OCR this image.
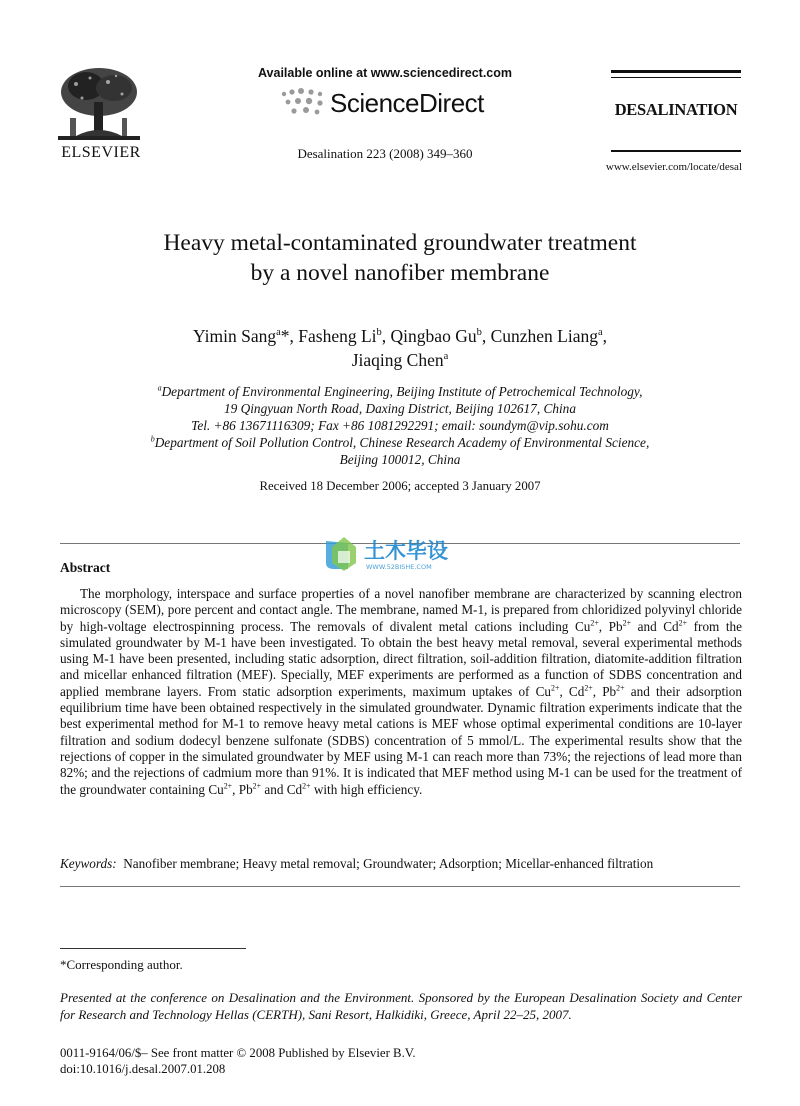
ELSEVIER
Available online at www.sciencedirect.com
ScienceDirect
Desalination 223 (2008) 349–360
DESALINATION
www.elsevier.com/locate/desal
Heavy metal-contaminated groundwater treatment
by a novel nanofiber membrane
Yimin Sang$^a$*, Fasheng Li$^b$, Qingbao Gu$^b$, Cunzhen Liang$^a$,
Jiaqing Chen$^a$
$^a$Department of Environmental Engineering, Beijing Institute of Petrochemical Technology,
19 Qingyuan North Road, Daxing District, Beijing 102617, China
Tel. +86 13671116309; Fax +86 1081292291; email: soundym@vip.sohu.com
$^b$Department of Soil Pollution Control, Chinese Research Academy of Environmental Science,
Beijing 100012, China
Received 18 December 2006; accepted 3 January 2007
土木毕设
WWW.52BISHE.COM
Abstract
The morphology, interspace and surface properties of a novel nanofiber membrane are characterized by scanning electron microscopy (SEM), pore percent and contact angle. The membrane, named M-1, is prepared from chloridized polyvinyl chloride by high-voltage electrospinning process. The removals of divalent metal cations including $Cu^{2+}$, $Pb^{2+}$ and $Cd^{2+}$ from the simulated groundwater by M-1 have been investigated. To obtain the best heavy metal removal, several experimental methods using M-1 have been presented, including static adsorption, direct filtration, soil-addition filtration, diatomite-addition filtration and micellar enhanced filtration (MEF). Specially, MEF experiments are performed as a function of SDBS concentration and applied membrane layers. From static adsorption experiments, maximum uptakes of $Cu^{2+}$, $Cd^{2+}$, $Pb^{2+}$ and their adsorption equilibrium time have been obtained respectively in the simulated groundwater. Dynamic filtration experiments indicate that the best experimental method for M-1 to remove heavy metal cations is MEF whose optimal experimental conditions are 10-layer filtration and sodium dodecyl benzene sulfonate (SDBS) concentration of 5 mmol/L. The experimental results show that the rejections of copper in the simulated groundwater by MEF using M-1 can reach more than 73%; the rejections of lead more than 82%; and the rejections of cadmium more than 91%. It is indicated that MEF method using M-1 can be used for the treatment of the groundwater containing $Cu^{2+}$, $Pb^{2+}$ and $Cd^{2+}$ with high efficiency.
Keywords: Nanofiber membrane; Heavy metal removal; Groundwater; Adsorption; Micellar-enhanced filtration
*Corresponding author.
Presented at the conference on Desalination and the Environment. Sponsored by the European Desalination Society and Center for Research and Technology Hellas (CERTH), Sani Resort, Halkidiki, Greece, April 22–25, 2007.
0011-9164/06/$– See front matter © 2008 Published by Elsevier B.V.
doi:10.1016/j.desal.2007.01.208
